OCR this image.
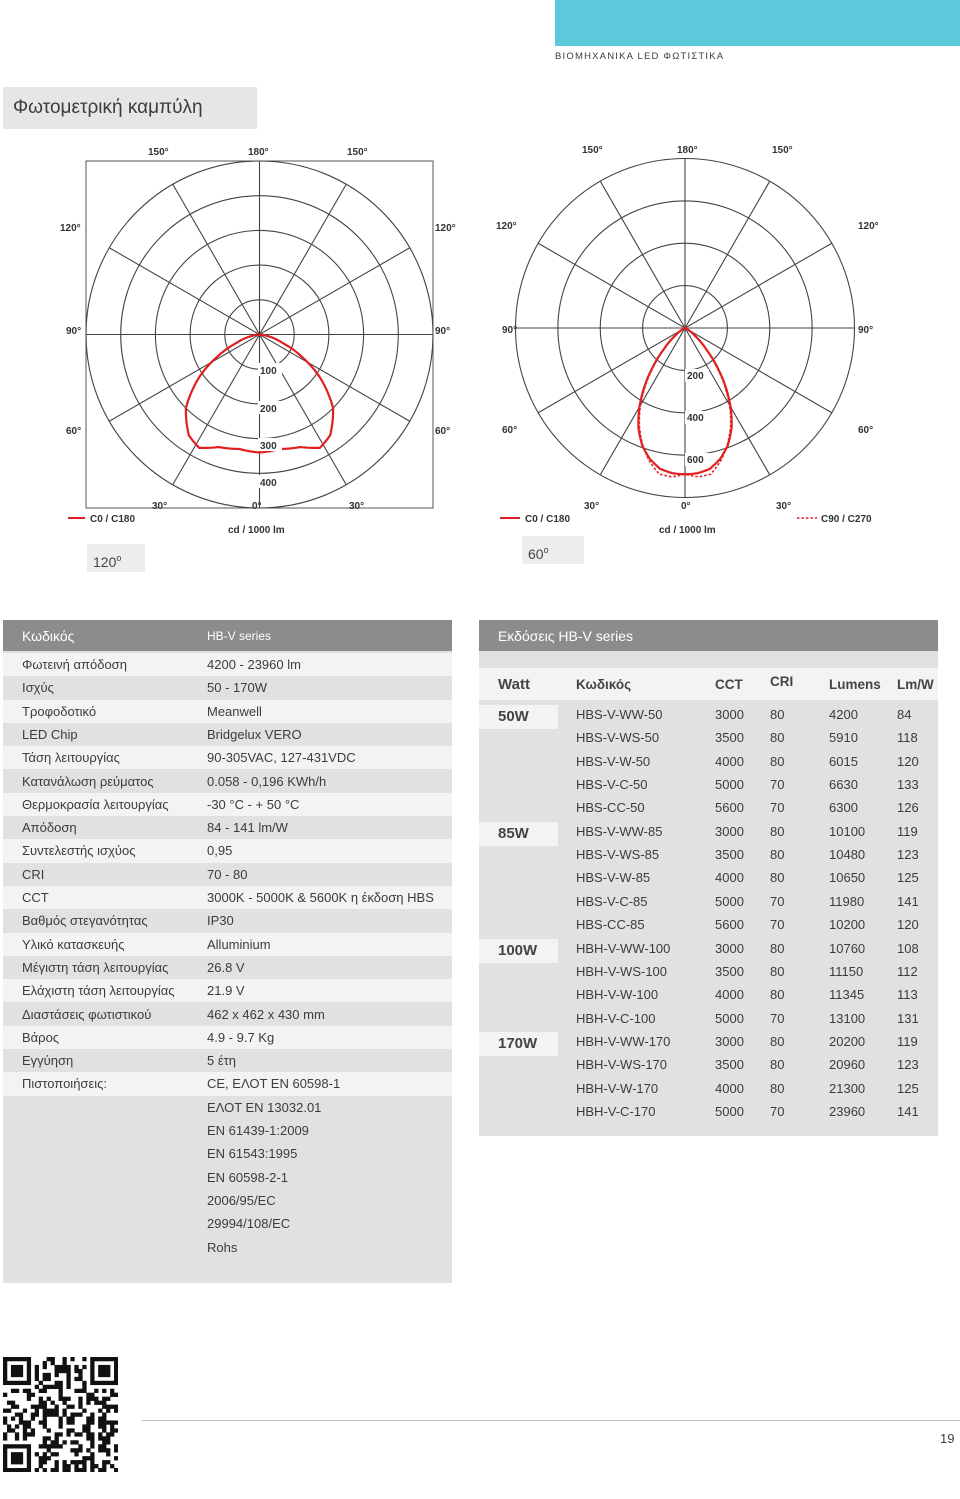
ΒΙΟΜΗΧΑΝΙΚΑ LED ΦΩΤΙΣΤΙΚΑ
Φωτομετρική καμπύλη
150°	180°	150°
120°	120°
90°	90°
60°	60°
30°	0°	30°
100
200
300
400
C0 / C180
cd / 1000 lm
120$^o$
150°	180°	150°
120°	120°
90°	90°
60°	60°
30°	0°	30°
200
400
600
C0 / C180	C90 / C270
cd / 1000 lm
60$^o$
Κωδικός	HB-V series
Φωτεινή απόδοση	4200 - 23960 lm
Ισχύς	50 - 170W
Τροφοδοτικό	Meanwell
LED Chip	Bridgelux VERO
Τάση λειτουργίας	90-305VAC, 127-431VDC
Κατανάλωση ρεύματος	0.058 - 0,196 KWh/h
Θερμοκρασία λειτουργίας	-30 °C - + 50 °C
Απόδοση	84 - 141 lm/W
Συντελεστής ισχύος	0,95
CRI	70 - 80
CCT	3000K - 5000K & 5600K η έκδοση HBS
Βαθμός στεγανότητας	IP30
Υλικό κατασκευής	Alluminium
Μέγιστη τάση λειτουργίας	26.8 V
Ελάχιστη τάση λειτουργίας 21.9 V
Διαστάσεις φωτιστικού	462 x 462 x 430 mm
Βάρος	4.9 - 9.7 Kg
Εγγύηση	5 έτη
Πιστοποιήσεις:	CE, ΕΛΟΤ ΕΝ 60598-1
ΕΛΟΤ ΕΝ 13032.01
EN 61439-1:2009
EN 61543:1995
EN 60598-2-1
2006/95/EC
29994/108/EC
Rohs
Εκδόσεις HB-V series
Watt	Κωδικός	CCT CRI	Lumens Lm/W
50W	HBS-V-WW-50	3000 80	4200	84
HBS-V-WS-50	3500 80	5910	118
HBS-V-W-50	4000 80	6015	120
HBS-V-C-50	5000 70	6630	133
HBS-CC-50	5600 70	6300	126
85W	HBS-V-WW-85	3000 80	10100 119
HBS-V-WS-85	3500 80	10480 123
HBS-V-W-85	4000 80	10650 125
HBS-V-C-85	5000 70	11980	141
HBS-CC-85	5600 70	10200 120
100W	HBH-V-WW-100	3000 80	10760 108
HBH-V-WS-100	3500 80	11150	112
HBH-V-W-100	4000 80	11345	113
HBH-V-C-100	5000 70	13100 131
170W	HBH-V-WW-170	3000 80	20200 119
HBH-V-WS-170	3500 80	20960 123
HBH-V-W-170	4000 80	21300 125
HBH-V-C-170	5000 70	23960 141
19
